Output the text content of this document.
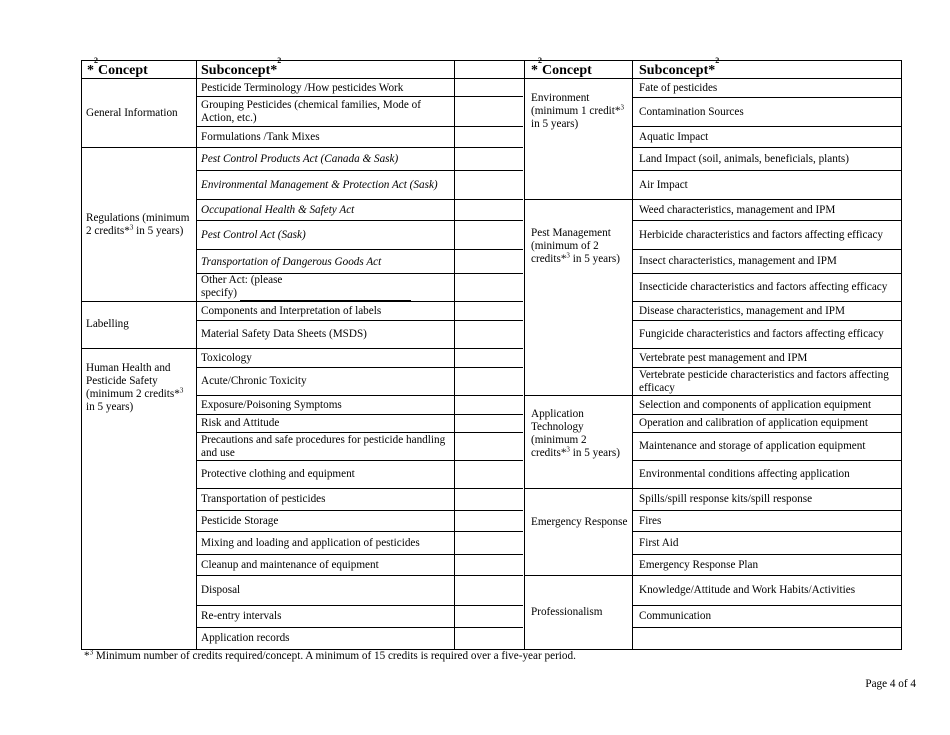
*$^2$Concept	Subconcept*$^2$
*$^2$Concept	Subconcept*$^2$
General Information
Pesticide Terminology /How pesticides Work
Grouping Pesticides (chemical families, Mode of Action, etc.)
Formulations /Tank Mixes
Regulations (minimum 2 credits*$^3$ in 5 years)
Pest Control Products Act (Canada & Sask)
Environmental Management & Protection Act (Sask)
Occupational Health & Safety Act
Pest Control Act (Sask)
Transportation of Dangerous Goods Act
Other Act: (please specify)
Labelling
Components and Interpretation of labels
Material Safety Data Sheets (MSDS)
Human Health and Pesticide Safety (minimum 2 credits*$^3$ in 5 years)
Toxicology
Acute/Chronic Toxicity
Exposure/Poisoning Symptoms
Risk and Attitude
Precautions and safe procedures for pesticide handling and use
Protective clothing and equipment
Transportation of pesticides
Pesticide Storage
Mixing and loading and application of pesticides
Cleanup and maintenance of equipment
Disposal
Re-entry intervals
Application records
Environment (minimum 1 credit*$^3$ in 5 years)
Fate of pesticides
Contamination Sources
Aquatic Impact
Land Impact (soil, animals, beneficials, plants)
Air Impact
Pest Management (minimum of 2 credits*$^3$ in 5 years)
Weed characteristics, management and IPM
Herbicide characteristics and factors affecting efficacy
Insect characteristics, management and IPM
Insecticide characteristics and factors affecting efficacy
Disease characteristics, management and IPM
Fungicide characteristics and factors affecting efficacy
Vertebrate pest management and IPM
Vertebrate pesticide characteristics and factors affecting efficacy
Application Technology (minimum 2 credits*$^3$ in 5 years)
Selection and components of application equipment
Operation and calibration of application equipment
Maintenance and storage of application equipment
Environmental conditions affecting application
Emergency Response
Spills/spill response kits/spill response
Fires
First Aid
Emergency Response Plan
Professionalism
Knowledge/Attitude and Work Habits/Activities
Communication
*$^3$ Minimum number of credits required/concept. A minimum of 15 credits is required over a five-year period.
Page 4 of 4
